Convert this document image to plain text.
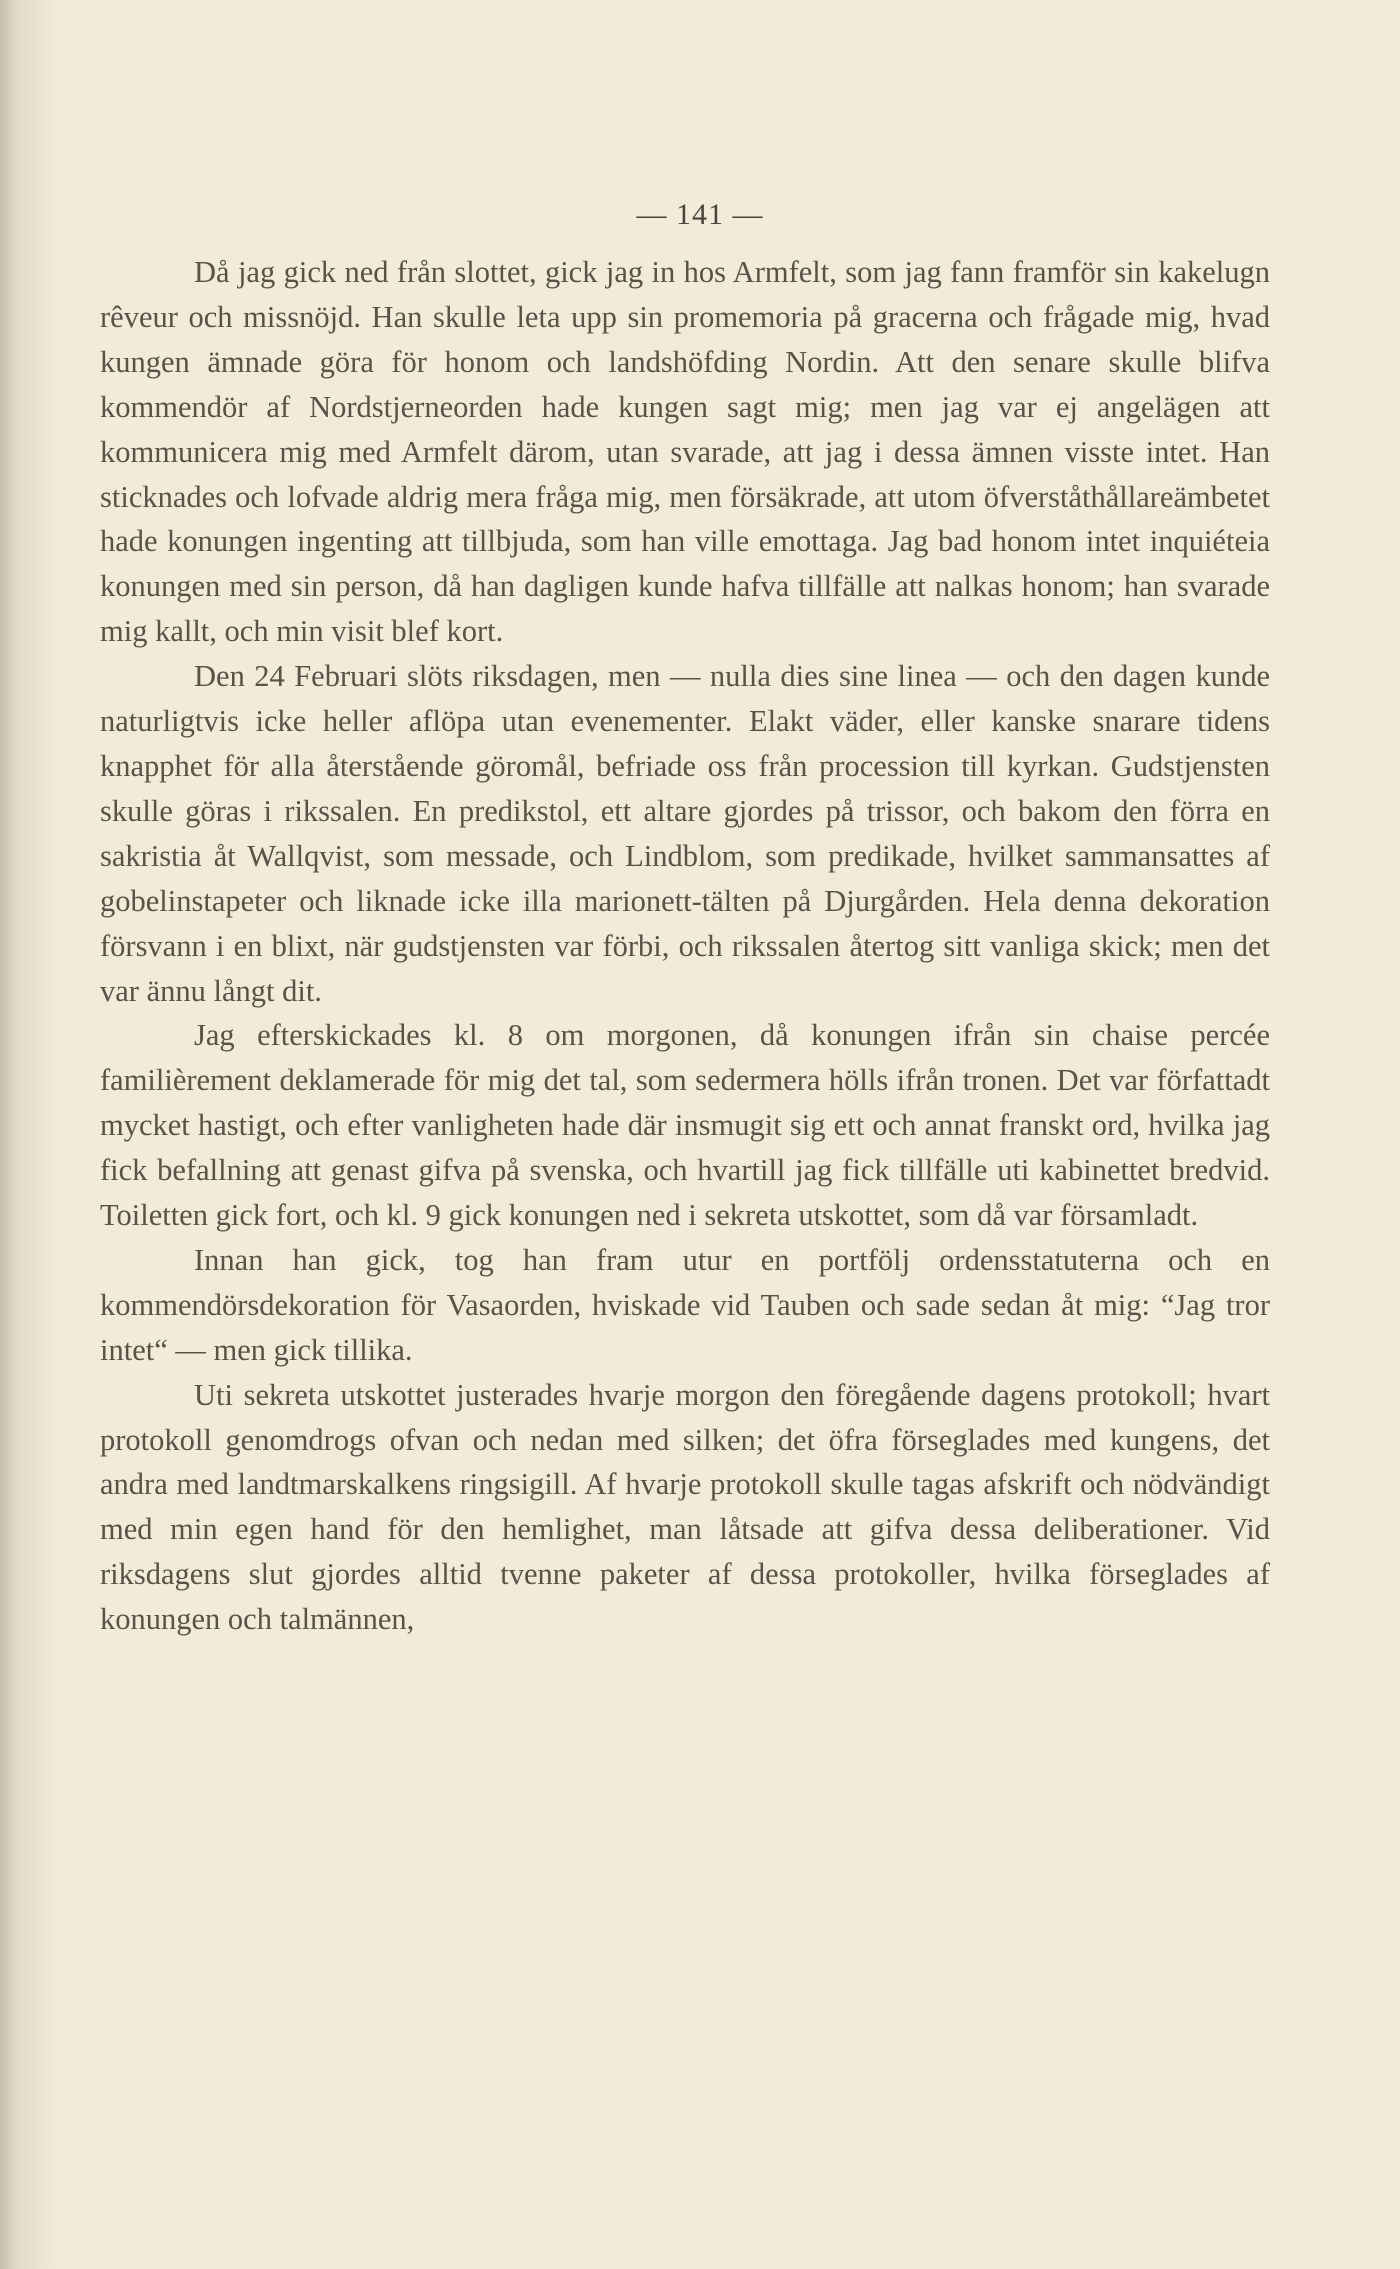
— 141 —

Då jag gick ned från slottet, gick jag in hos Armfelt, som jag fann framför sin kakelugn rêveur och missnöjd. Han skulle leta upp sin promemoria på gracerna och frågade mig, hvad kungen ämnade göra för honom och landshöfding Nordin. Att den senare skulle blifva kommendör af Nordstjerneorden hade kungen sagt mig; men jag var ej angelägen att kommunicera mig med Armfelt därom, utan svarade, att jag i dessa ämnen visste intet. Han sticknades och lofvade aldrig mera fråga mig, men försäkrade, att utom öfverståthållareämbetet hade konungen ingenting att tillbjuda, som han ville emottaga. Jag bad honom intet inquiéteia konungen med sin person, då han dagligen kunde hafva tillfälle att nalkas honom; han svarade mig kallt, och min visit blef kort.

Den 24 Februari slöts riksdagen, men — nulla dies sine linea — och den dagen kunde naturligtvis icke heller aflöpa utan evenementer. Elakt väder, eller kanske snarare tidens knapphet för alla återstående göromål, befriade oss från procession till kyrkan. Gudstjensten skulle göras i rikssalen. En predikstol, ett altare gjordes på trissor, och bakom den förra en sakristia åt Wallqvist, som messade, och Lindblom, som predikade, hvilket sammansattes af gobelinstapeter och liknade icke illa marionett-tälten på Djurgården. Hela denna dekoration försvann i en blixt, när gudstjensten var förbi, och rikssalen återtog sitt vanliga skick; men det var ännu långt dit.

Jag efterskickades kl. 8 om morgonen, då konungen ifrån sin chaise percée familièrement deklamerade för mig det tal, som sedermera hölls ifrån tronen. Det var författadt mycket hastigt, och efter vanligheten hade där insmugit sig ett och annat franskt ord, hvilka jag fick befallning att genast gifva på svenska, och hvartill jag fick tillfälle uti kabinettet bredvid. Toiletten gick fort, och kl. 9 gick konungen ned i sekreta utskottet, som då var församladt.

Innan han gick, tog han fram utur en portfölj ordensstatuterna och en kommendörsdekoration för Vasaorden, hviskade vid Tauben och sade sedan åt mig: “Jag tror intet“ — men gick tillika.

Uti sekreta utskottet justerades hvarje morgon den föregående dagens protokoll; hvart protokoll genomdrogs ofvan och nedan med silken; det öfra förseglades med kungens, det andra med landtmarskalkens ringsigill. Af hvarje protokoll skulle tagas afskrift och nödvändigt med min egen hand för den hemlighet, man låtsade att gifva dessa deliberationer. Vid riksdagens slut gjordes alltid tvenne paketer af dessa protokoller, hvilka förseglades af konungen och talmännen,
